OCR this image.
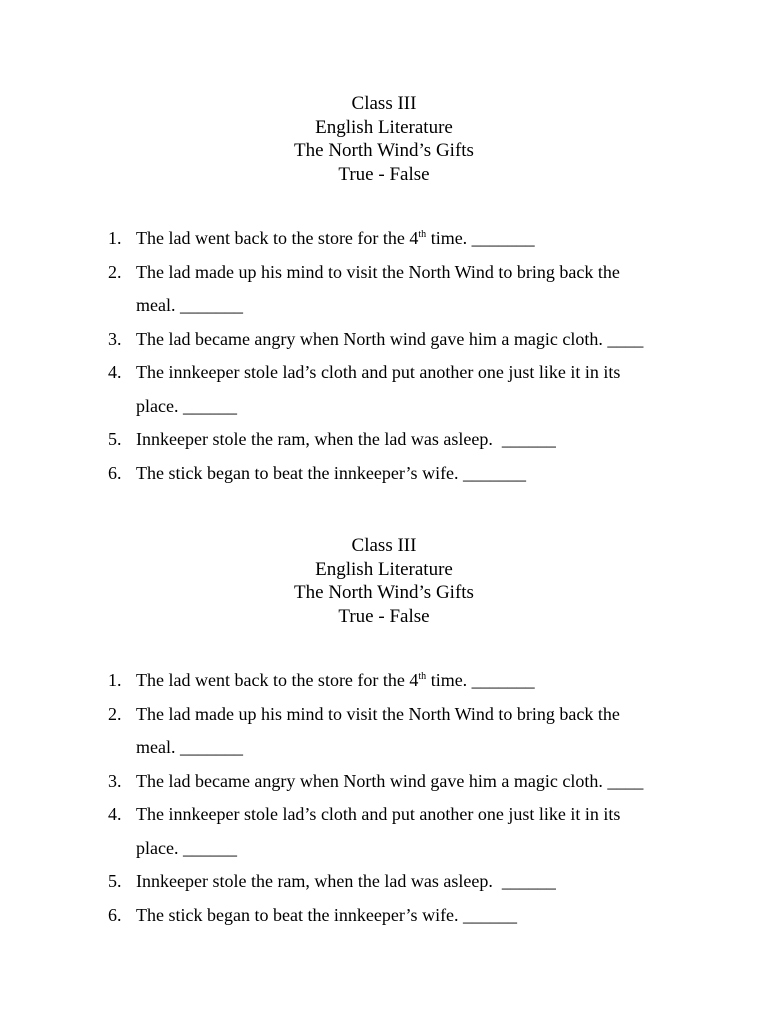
Class III
English Literature
The North Wind’s Gifts
True - False
1. The lad went back to the store for the 4th time. _______
2. The lad made up his mind to visit the North Wind to bring back the
meal. _______
3. The lad became angry when North wind gave him a magic cloth. ____
4. The innkeeper stole lad’s cloth and put another one just like it in its
place. ______
5. Innkeeper stole the ram, when the lad was asleep.  ______
6. The stick began to beat the innkeeper’s wife. _______
Class III
English Literature
The North Wind’s Gifts
True - False
1. The lad went back to the store for the 4th time. _______
2. The lad made up his mind to visit the North Wind to bring back the
meal. _______
3. The lad became angry when North wind gave him a magic cloth. ____
4. The innkeeper stole lad’s cloth and put another one just like it in its
place. ______
5. Innkeeper stole the ram, when the lad was asleep.  ______
6. The stick began to beat the innkeeper’s wife. ______
